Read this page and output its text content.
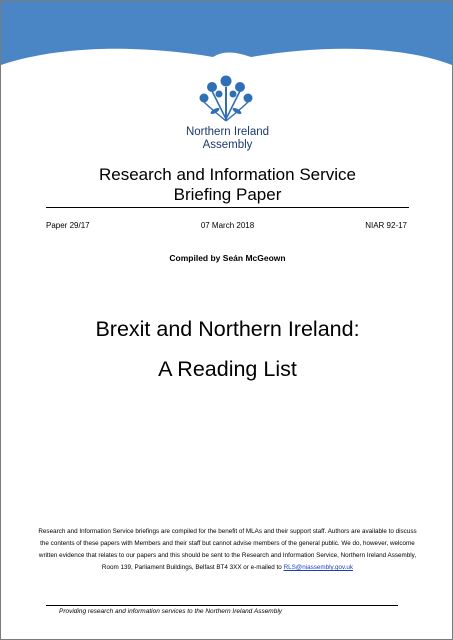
Northern Ireland
Assembly
Research and Information Service
Briefing Paper
Paper 29/17	07 March 2018	NIAR 92-17
Compiled by Seán McGeown
Brexit and Northern Ireland:
A Reading List
Research and Information Service briefings are compiled for the benefit of MLAs and their support staff. Authors are available to discuss the contents of these papers with Members and their staff but cannot advise members of the general public. We do, however, welcome written evidence that relates to our papers and this should be sent to the Research and Information Service, Northern Ireland Assembly, Room 139, Parliament Buildings, Belfast BT4 3XX or e-mailed to RLS@niassembly.gov.uk
Providing research and information services to the Northern Ireland Assembly
